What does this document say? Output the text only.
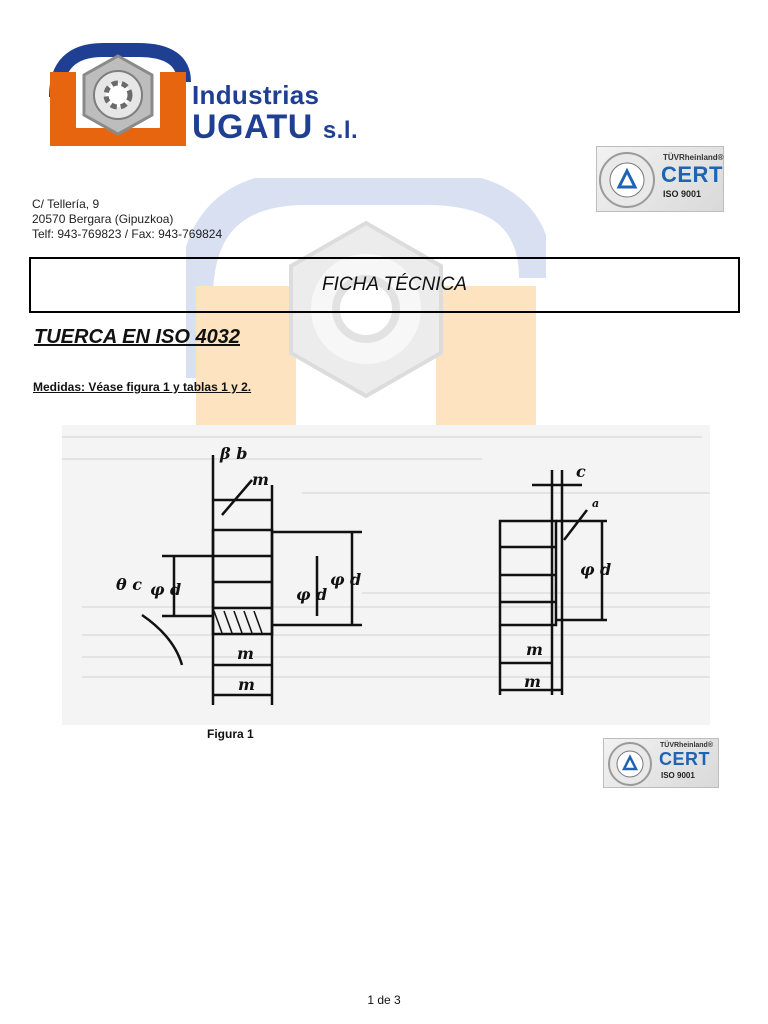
Industrias
UGATU s.l.
TÜVRheinland®
CERT
ISO 9001
C/ Tellería, 9
20570 Bergara (Gipuzkoa)
Telf: 943-769823 / Fax: 943-769824
FICHA TÉCNICA
TUERCA EN ISO 4032
Medidas: Véase figura 1 y tablas 1 y 2.
β b
m
θ c φ d	φ d
φ d
m
m
c
a
φ d
m
m
Figura 1
TÜVRheinland®
CERT
ISO 9001
1 de 3
